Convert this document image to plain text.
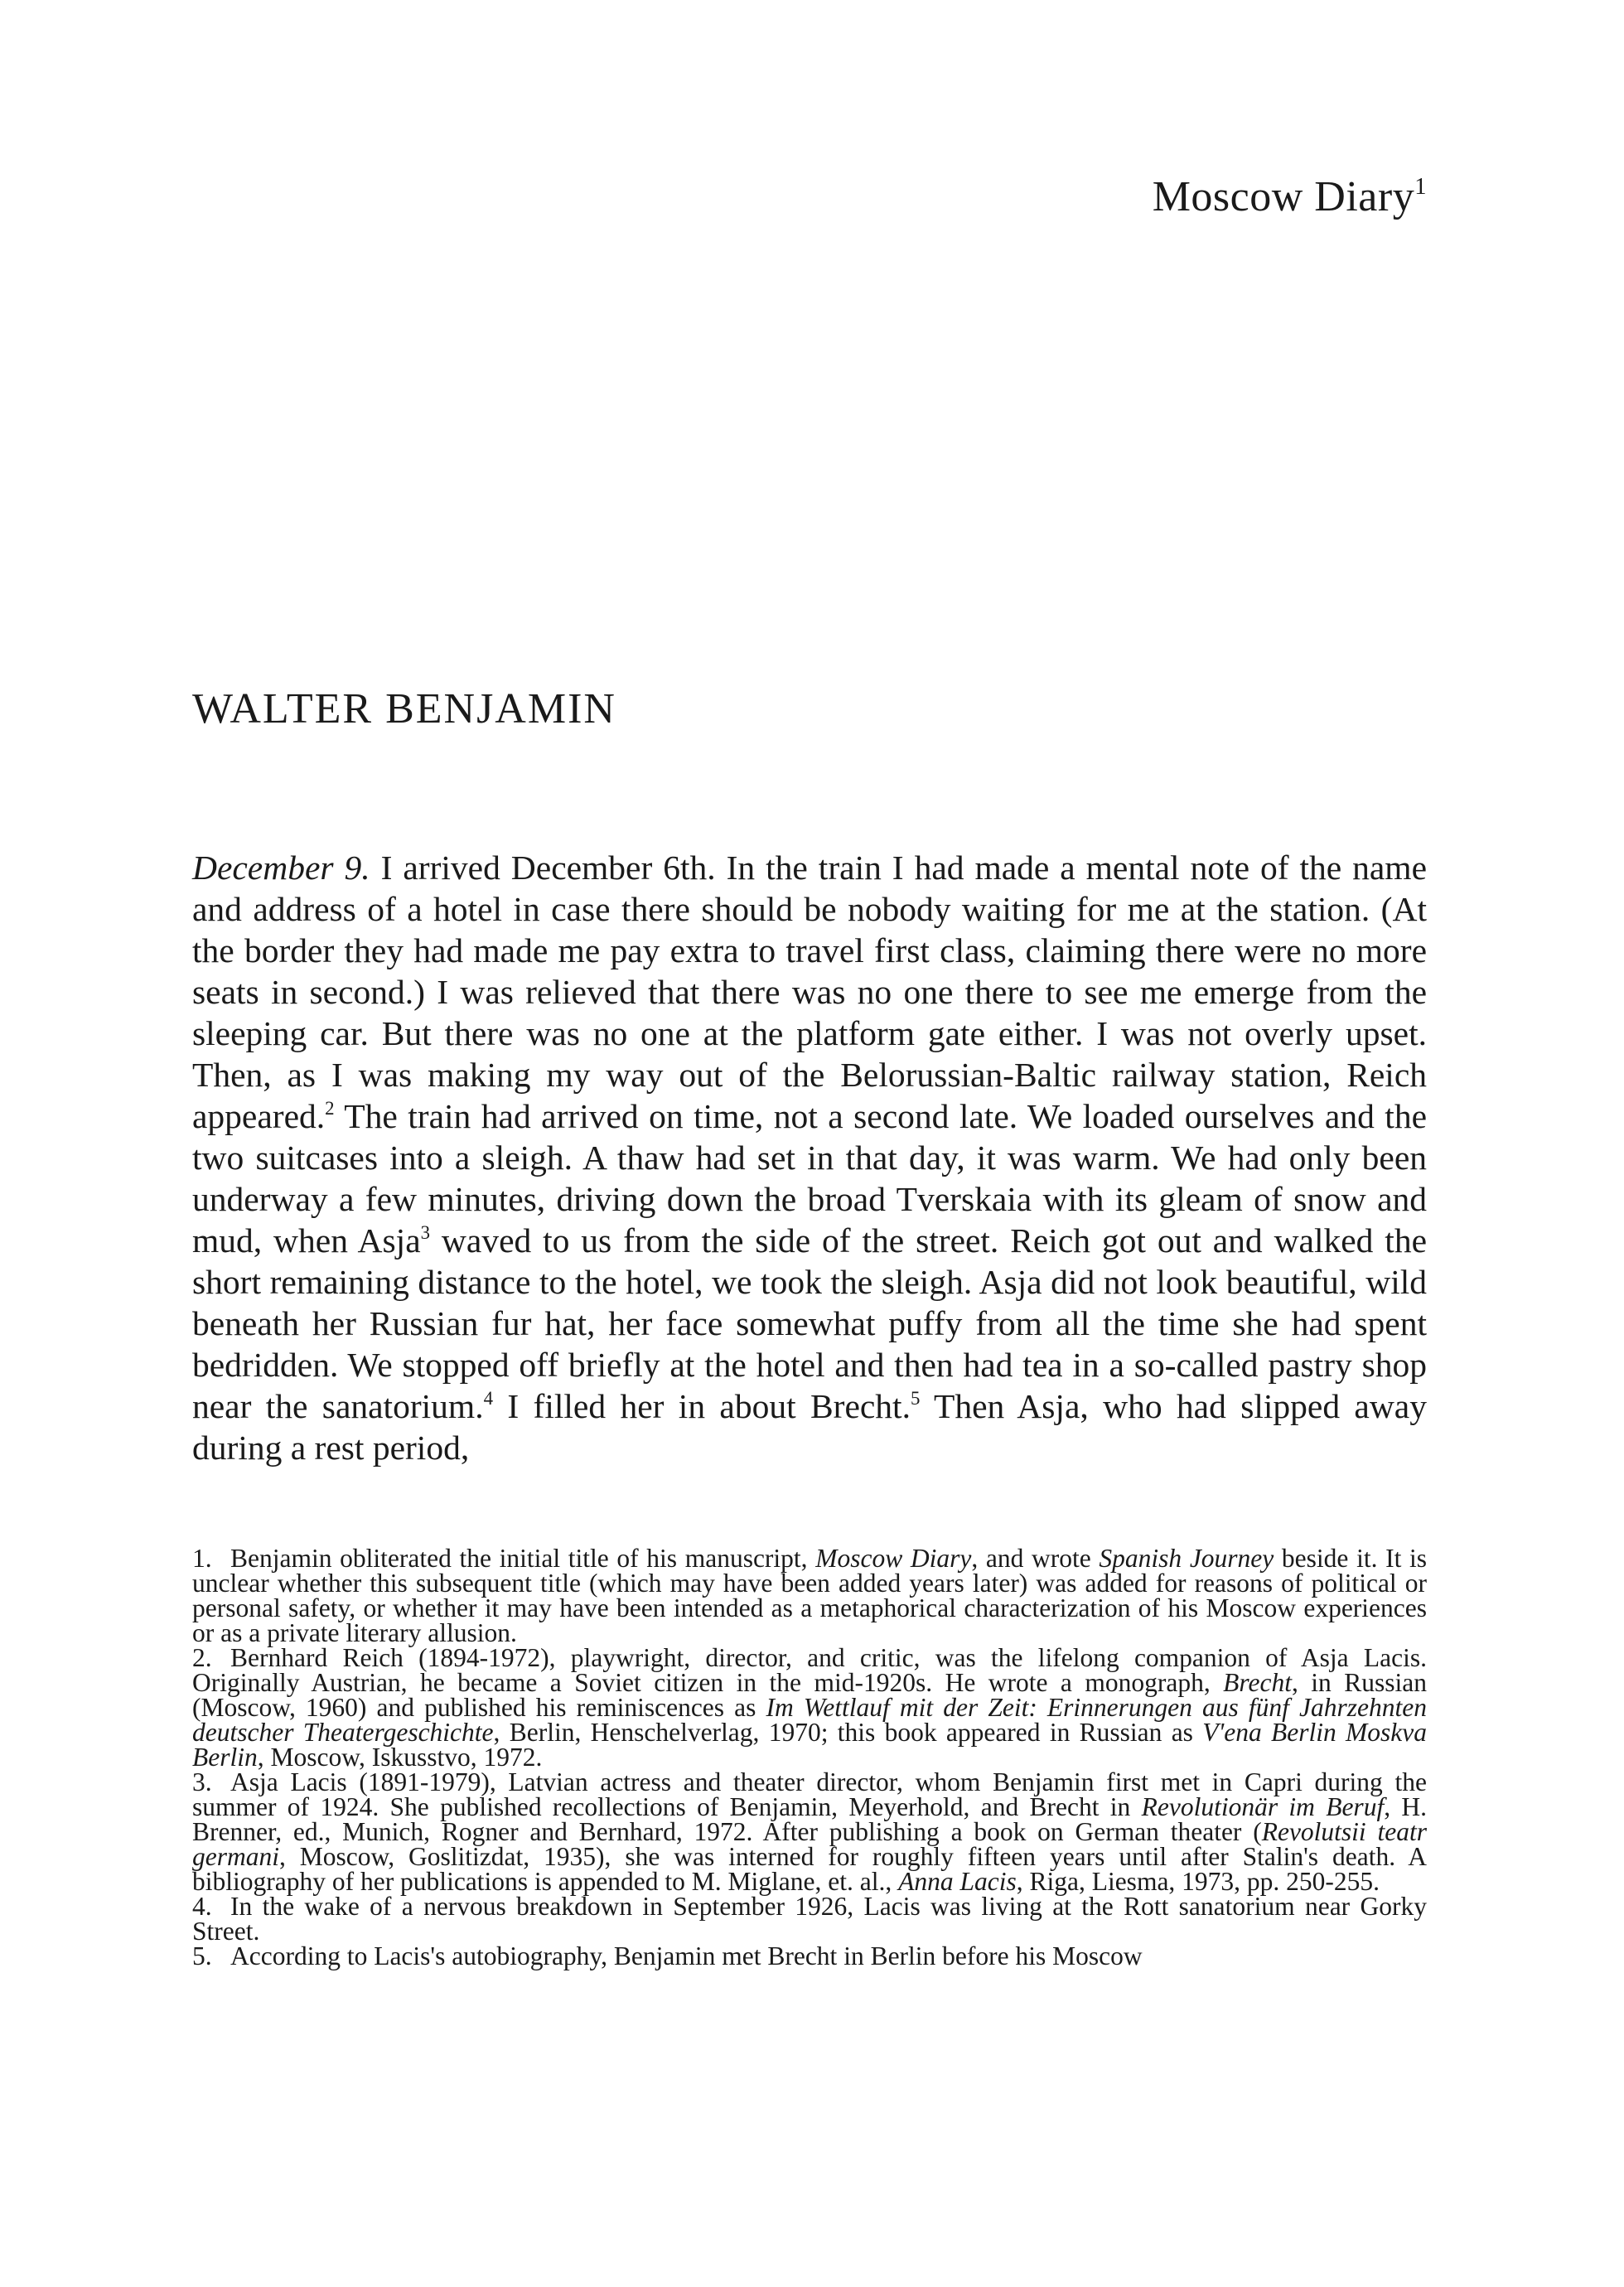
Moscow Diary$^1$
WALTER BENJAMIN

December 9. I arrived December 6th. In the train I had made a mental note of the name and address of a hotel in case there should be nobody waiting for me at the station. (At the border they had made me pay extra to travel first class, claiming there were no more seats in second.) I was relieved that there was no one there to see me emerge from the sleeping car. But there was no one at the platform gate either. I was not overly upset. Then, as I was making my way out of the Belorussian-Baltic railway station, Reich appeared.$^2$ The train had arrived on time, not a second late. We loaded ourselves and the two suitcases into a sleigh. A thaw had set in that day, it was warm. We had only been underway a few minutes, driving down the broad Tverskaia with its gleam of snow and mud, when Asja$^3$ waved to us from the side of the street. Reich got out and walked the short remaining distance to the hotel, we took the sleigh. Asja did not look beautiful, wild beneath her Russian fur hat, her face somewhat puffy from all the time she had spent bedridden. We stopped off briefly at the hotel and then had tea in a so-called pastry shop near the sanatorium.$^4$ I filled her in about Brecht.$^5$ Then Asja, who had slipped away during a rest period,

1. Benjamin obliterated the initial title of his manuscript, Moscow Diary, and wrote Spanish Journey beside it. It is unclear whether this subsequent title (which may have been added years later) was added for reasons of political or personal safety, or whether it may have been intended as a metaphorical characterization of his Moscow experiences or as a private literary allusion.

2. Bernhard Reich (1894-1972), playwright, director, and critic, was the lifelong companion of Asja Lacis. Originally Austrian, he became a Soviet citizen in the mid-1920s. He wrote a monograph, Brecht, in Russian (Moscow, 1960) and published his reminiscences as Im Wettlauf mit der Zeit: Erinnerungen aus fünf Jahrzehnten deutscher Theatergeschichte, Berlin, Henschelverlag, 1970; this book appeared in Russian as V'ena Berlin Moskva Berlin, Moscow, Iskusstvo, 1972.

3. Asja Lacis (1891-1979), Latvian actress and theater director, whom Benjamin first met in Capri during the summer of 1924. She published recollections of Benjamin, Meyerhold, and Brecht in Revolutionär im Beruf, H. Brenner, ed., Munich, Rogner and Bernhard, 1972. After publishing a book on German theater (Revolutsii teatr germani, Moscow, Goslitizdat, 1935), she was interned for roughly fifteen years until after Stalin's death. A bibliography of her publications is appended to M. Miglane, et. al., Anna Lacis, Riga, Liesma, 1973, pp. 250-255.

4. In the wake of a nervous breakdown in September 1926, Lacis was living at the Rott sanatorium near Gorky Street.

5. According to Lacis's autobiography, Benjamin met Brecht in Berlin before his Moscow
